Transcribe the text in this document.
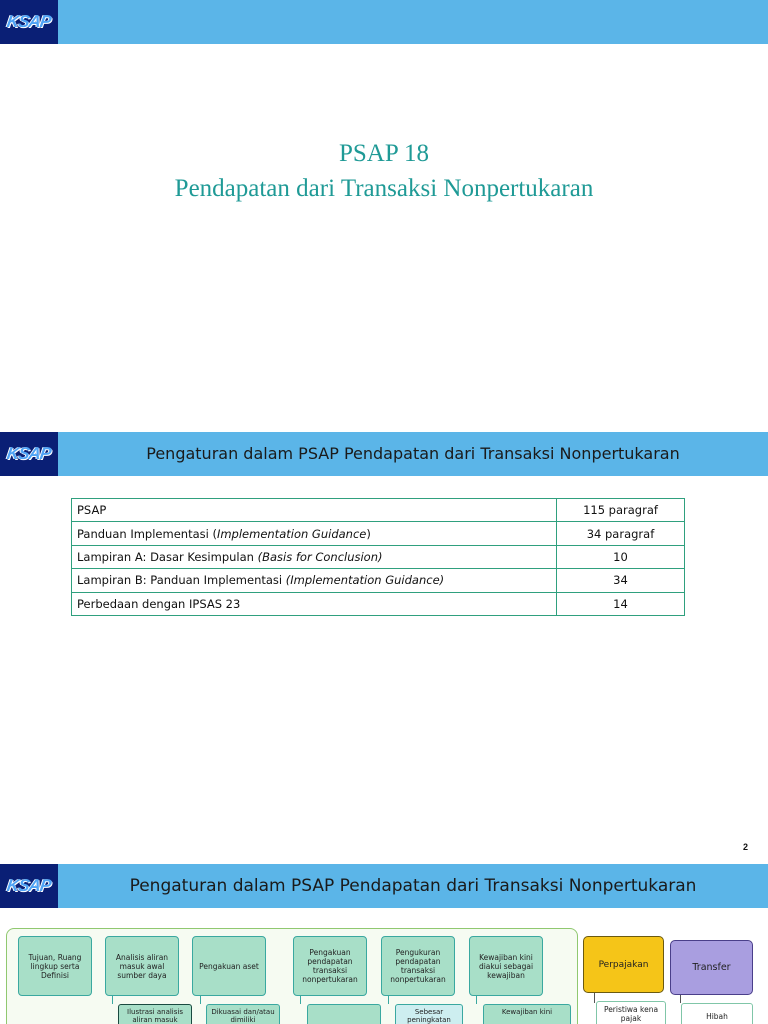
KSAP
PSAP 18
Pendapatan dari Transaksi Nonpertukaran
KSAP	Pengaturan dalam PSAP Pendapatan dari Transaksi Nonpertukaran
PSAP	115 paragraf
Panduan Implementasi (Implementation Guidance)	34 paragraf
Lampiran A: Dasar Kesimpulan (Basis for Conclusion)	10
Lampiran B: Panduan Implementasi (Implementation Guidance)	34
Perbedaan dengan IPSAS 23	14
2
KSAP	Pengaturan dalam PSAP Pendapatan dari Transaksi Nonpertukaran
Tujuan, Ruang lingkup serta Definisi
Analisis aliran masuk awal sumber daya
Pengakuan aset
Pengakuan pendapatan transaksi nonpertukaran
Pengukuran pendapatan transaksi nonpertukaran
Kewajiban kini diakui sebagai kewajiban
Ilustrasi analisis aliran masuk
Dikuasai dan/atau dimiliki
Sebesar peningkatan
Kewajiban kini
Perpajakan
Peristiwa kena pajak
Transfer
Hibah
